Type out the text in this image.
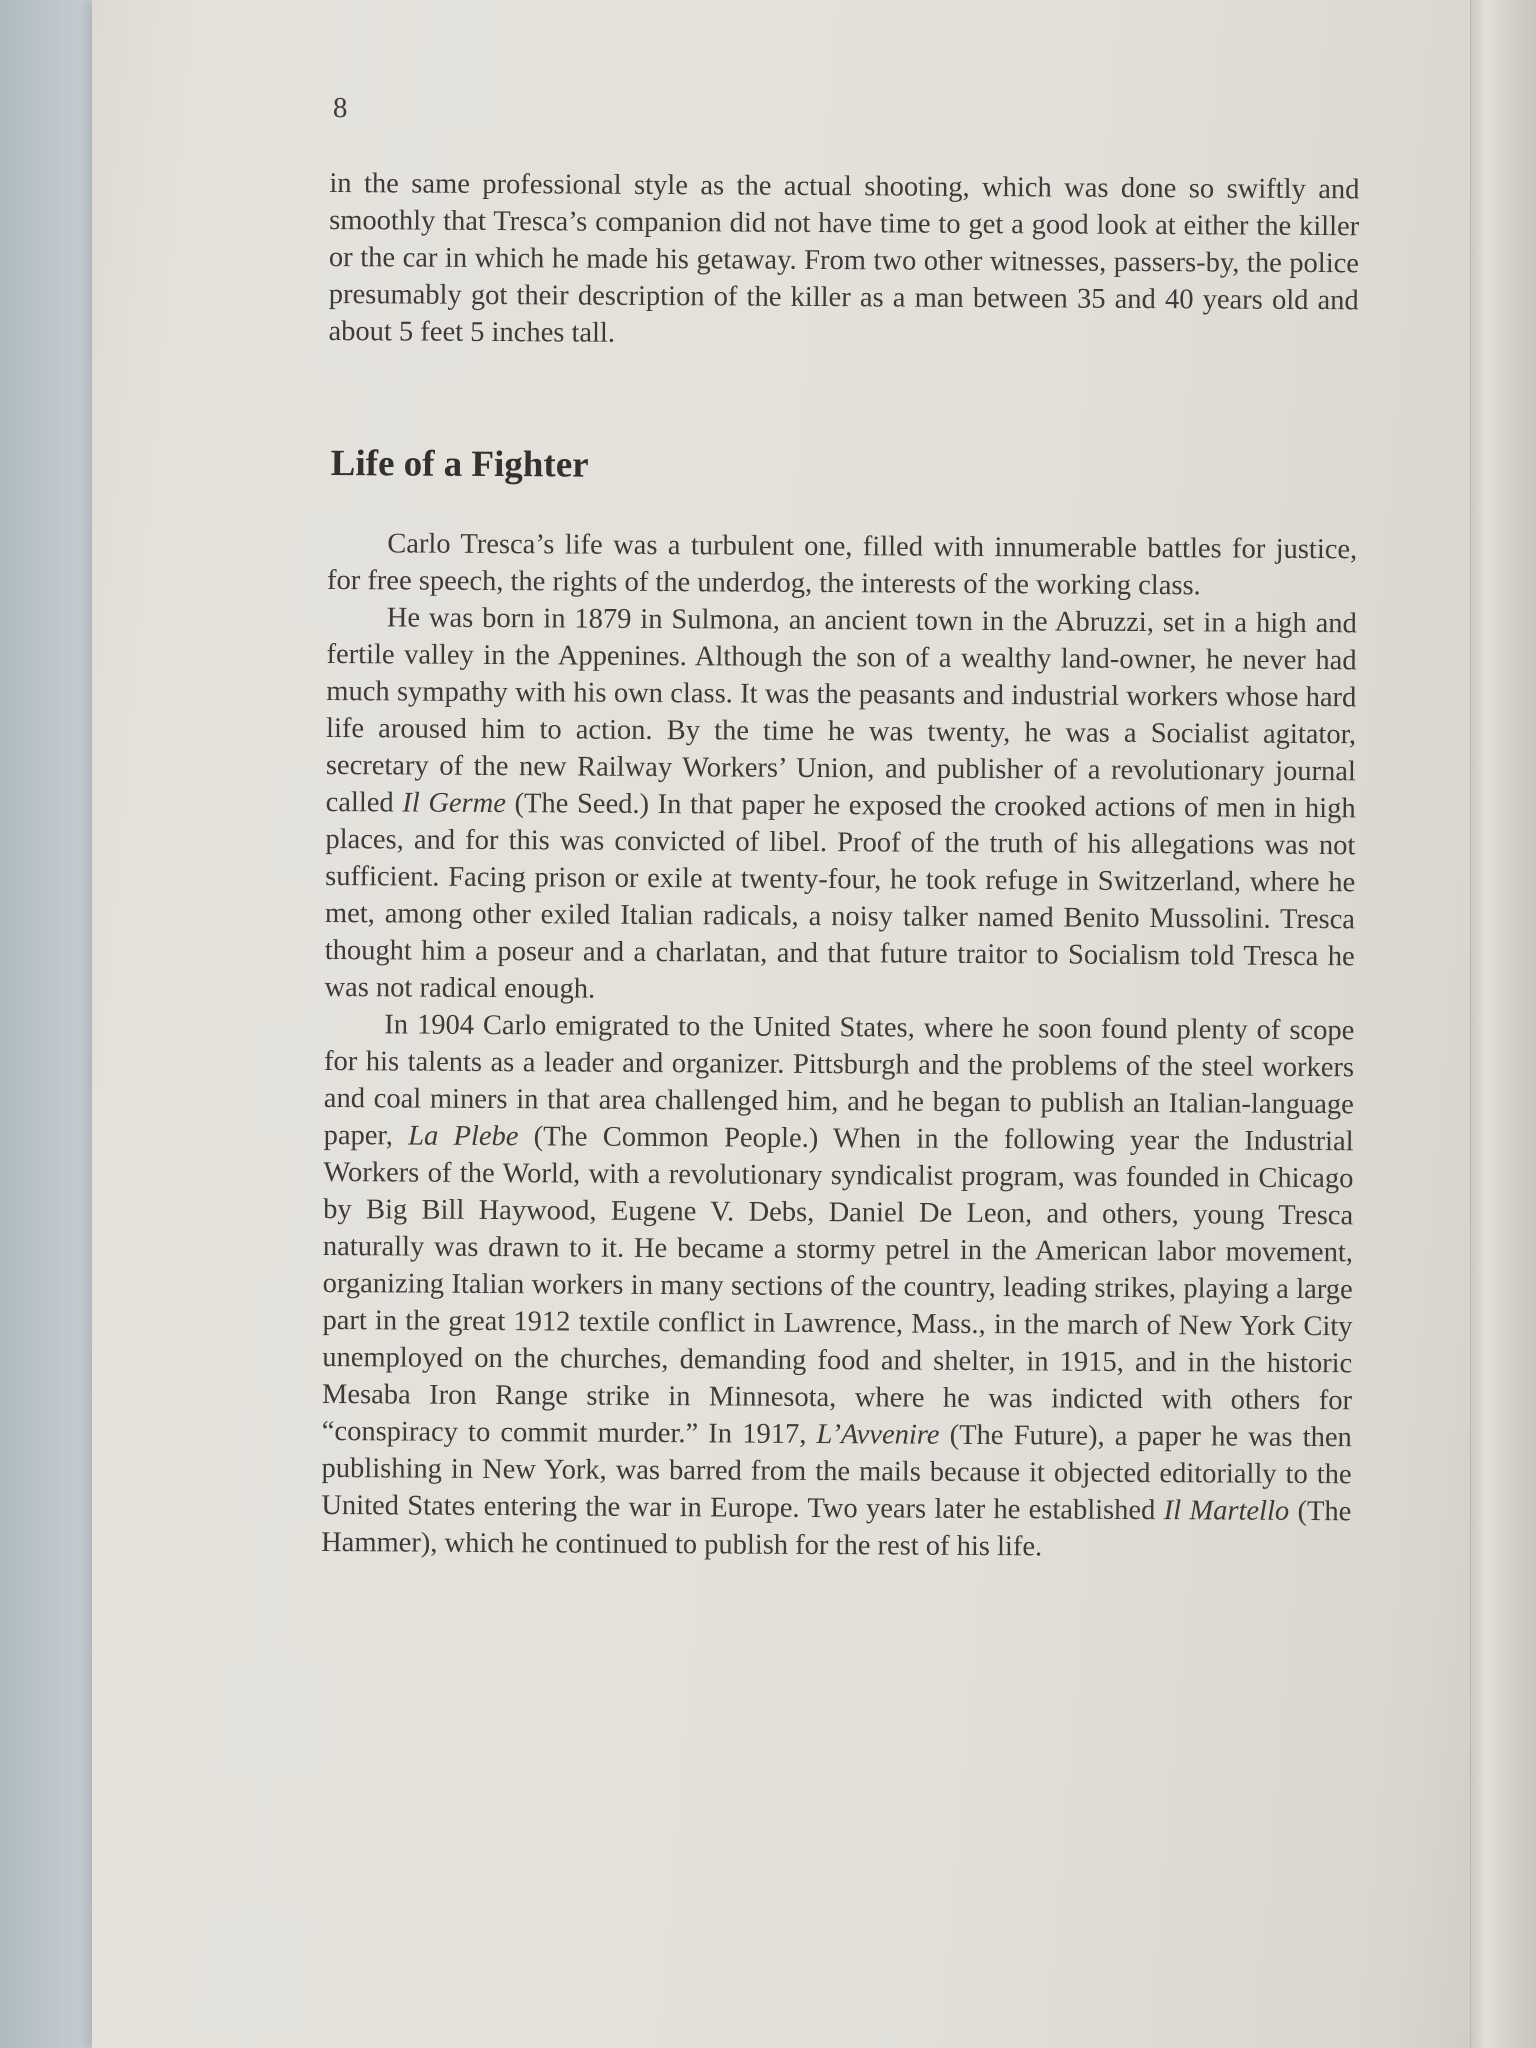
8

in the same professional style as the actual shooting, which was done so swiftly and smoothly that Tresca’s companion did not have time to get a good look at either the killer or the car in which he made his getaway. From two other witnesses, passers-by, the police presumably got their description of the killer as a man between 35 and 40 years old and about 5 feet 5 inches tall.

Life of a Fighter

Carlo Tresca’s life was a turbulent one, filled with innumerable battles for justice, for free speech, the rights of the underdog, the interests of the working class.

He was born in 1879 in Sulmona, an ancient town in the Abruzzi, set in a high and fertile valley in the Appenines. Although the son of a wealthy land-owner, he never had much sympathy with his own class. It was the peasants and industrial workers whose hard life aroused him to action. By the time he was twenty, he was a Socialist agitator, secretary of the new Railway Workers’ Union, and publisher of a revolutionary journal called Il Germe (The Seed.) In that paper he exposed the crooked actions of men in high places, and for this was convicted of libel. Proof of the truth of his allegations was not sufficient. Facing prison or exile at twenty-four, he took refuge in Switzerland, where he met, among other exiled Italian radicals, a noisy talker named Benito Mussolini. Tresca thought him a poseur and a charlatan, and that future traitor to Socialism told Tresca he was not radical enough.

In 1904 Carlo emigrated to the United States, where he soon found plenty of scope for his talents as a leader and organizer. Pittsburgh and the problems of the steel workers and coal miners in that area challenged him, and he began to publish an Italian-language paper, La Plebe (The Common People.) When in the following year the Industrial Workers of the World, with a revolutionary syndicalist program, was founded in Chicago by Big Bill Haywood, Eugene V. Debs, Daniel De Leon, and others, young Tresca naturally was drawn to it. He became a stormy petrel in the American labor movement, organizing Italian workers in many sections of the country, leading strikes, playing a large part in the great 1912 textile conflict in Lawrence, Mass., in the march of New York City unemployed on the churches, demanding food and shelter, in 1915, and in the historic Mesaba Iron Range strike in Minnesota, where he was indicted with others for “conspiracy to commit murder.” In 1917, L’Avvenire (The Future), a paper he was then publishing in New York, was barred from the mails because it objected editorially to the United States entering the war in Europe. Two years later he established Il Martello (The Hammer), which he continued to publish for the rest of his life.
